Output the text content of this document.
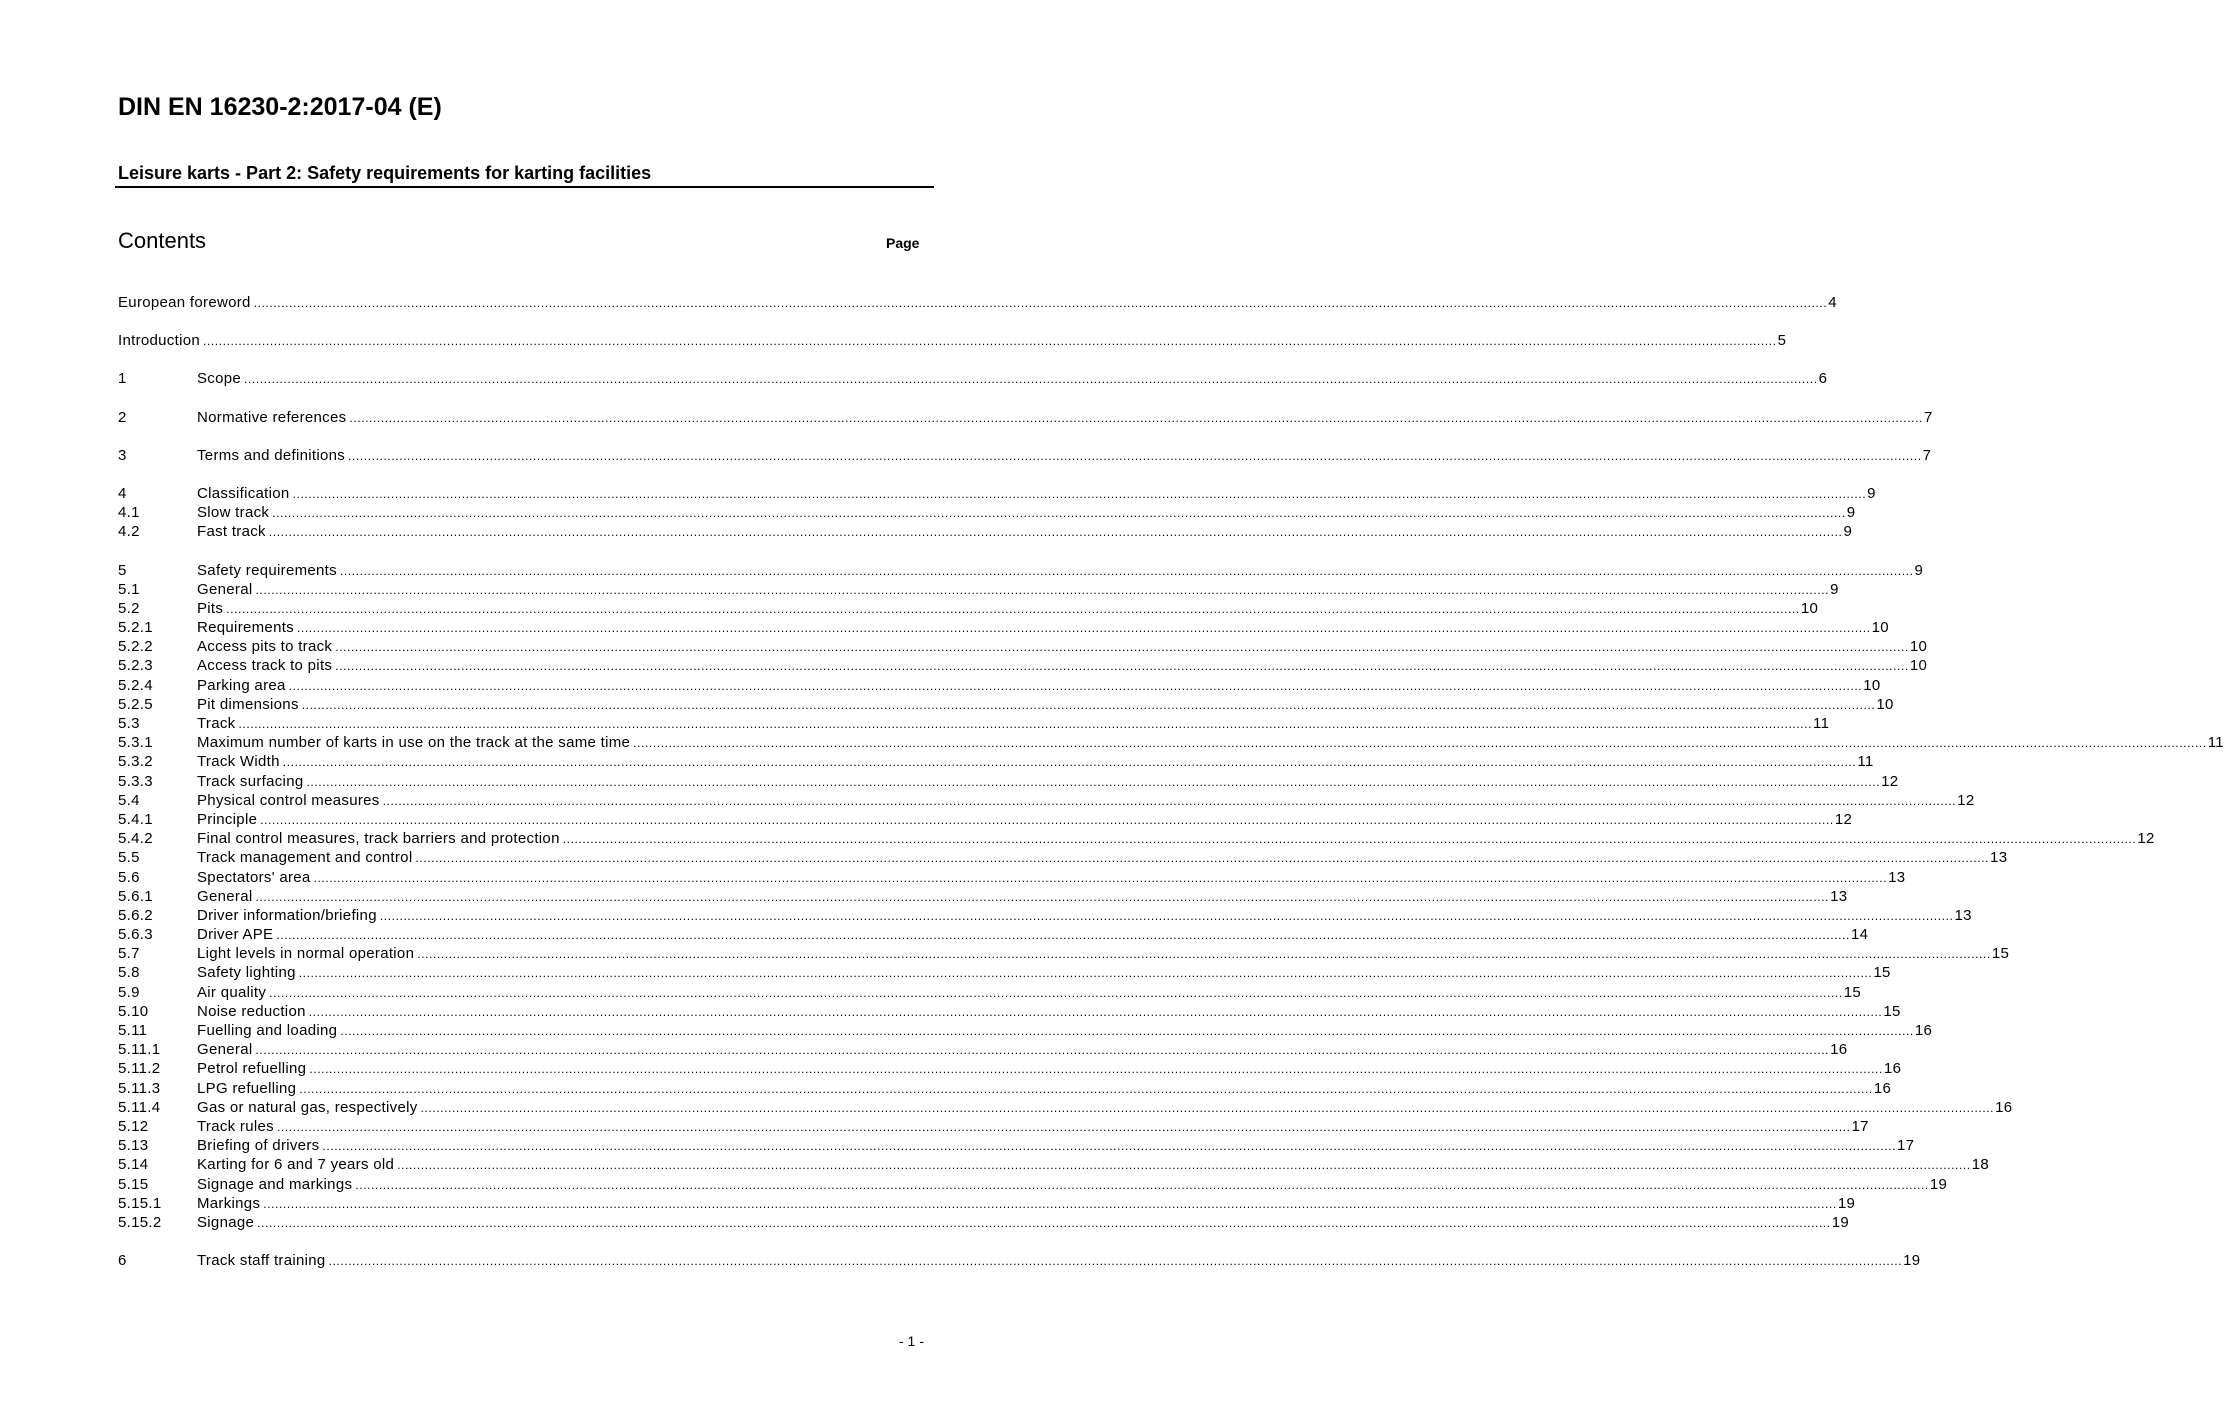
DIN EN 16230-2:2017-04 (E)
Leisure karts - Part 2: Safety requirements for karting facilities
Contents	Page
European foreword ................................................................................................................................................................................................................................................................................................................................................................................................................ 4
Introduction ................................................................................................................................................................................................................................................................................................................................................................................................................ 5
1	Scope ................................................................................................................................................................................................................................................................................................................................................................................................................ 6
2	Normative references ................................................................................................................................................................................................................................................................................................................................................................................................................ 7
3	Terms and definitions ................................................................................................................................................................................................................................................................................................................................................................................................................ 7
4	Classification ................................................................................................................................................................................................................................................................................................................................................................................................................ 9
4.1	Slow track ................................................................................................................................................................................................................................................................................................................................................................................................................ 9
4.2	Fast track ................................................................................................................................................................................................................................................................................................................................................................................................................ 9
5	Safety requirements ................................................................................................................................................................................................................................................................................................................................................................................................................ 9
5.1	General ................................................................................................................................................................................................................................................................................................................................................................................................................ 9
5.2	Pits ................................................................................................................................................................................................................................................................................................................................................................................................................ 10
5.2.1	Requirements ................................................................................................................................................................................................................................................................................................................................................................................................................ 10
5.2.2	Access pits to track ................................................................................................................................................................................................................................................................................................................................................................................................................ 10
5.2.3	Access track to pits ................................................................................................................................................................................................................................................................................................................................................................................................................ 10
5.2.4	Parking area ................................................................................................................................................................................................................................................................................................................................................................................................................ 10
5.2.5	Pit dimensions ................................................................................................................................................................................................................................................................................................................................................................................................................ 10
5.3	Track ................................................................................................................................................................................................................................................................................................................................................................................................................ 11
5.3.1	Maximum number of karts in use on the track at the same time ................................................................................................................................................................................................................................................................................................................................................................................................................ 11
5.3.2	Track Width ................................................................................................................................................................................................................................................................................................................................................................................................................ 11
5.3.3	Track surfacing ................................................................................................................................................................................................................................................................................................................................................................................................................ 12
5.4	Physical control measures ................................................................................................................................................................................................................................................................................................................................................................................................................ 12
5.4.1	Principle ................................................................................................................................................................................................................................................................................................................................................................................................................ 12
5.4.2	Final control measures, track barriers and protection ................................................................................................................................................................................................................................................................................................................................................................................................................ 12
5.5	Track management and control ................................................................................................................................................................................................................................................................................................................................................................................................................ 13
5.6	Spectators' area ................................................................................................................................................................................................................................................................................................................................................................................................................ 13
5.6.1	General ................................................................................................................................................................................................................................................................................................................................................................................................................ 13
5.6.2	Driver information/briefing ................................................................................................................................................................................................................................................................................................................................................................................................................ 13
5.6.3	Driver APE ................................................................................................................................................................................................................................................................................................................................................................................................................ 14
5.7	Light levels in normal operation ................................................................................................................................................................................................................................................................................................................................................................................................................ 15
5.8	Safety lighting ................................................................................................................................................................................................................................................................................................................................................................................................................ 15
5.9	Air quality ................................................................................................................................................................................................................................................................................................................................................................................................................ 15
5.10	Noise reduction ................................................................................................................................................................................................................................................................................................................................................................................................................ 15
5.11	Fuelling and loading ................................................................................................................................................................................................................................................................................................................................................................................................................ 16
5.11.1	General ................................................................................................................................................................................................................................................................................................................................................................................................................ 16
5.11.2	Petrol refuelling ................................................................................................................................................................................................................................................................................................................................................................................................................ 16
5.11.3	LPG refuelling ................................................................................................................................................................................................................................................................................................................................................................................................................ 16
5.11.4	Gas or natural gas, respectively ................................................................................................................................................................................................................................................................................................................................................................................................................ 16
5.12	Track rules ................................................................................................................................................................................................................................................................................................................................................................................................................ 17
5.13	Briefing of drivers ................................................................................................................................................................................................................................................................................................................................................................................................................ 17
5.14	Karting for 6 and 7 years old ................................................................................................................................................................................................................................................................................................................................................................................................................ 18
5.15	Signage and markings ................................................................................................................................................................................................................................................................................................................................................................................................................ 19
5.15.1	Markings ................................................................................................................................................................................................................................................................................................................................................................................................................ 19
5.15.2	Signage ................................................................................................................................................................................................................................................................................................................................................................................................................ 19
6	Track staff training ................................................................................................................................................................................................................................................................................................................................................................................................................ 19
- 1 -
